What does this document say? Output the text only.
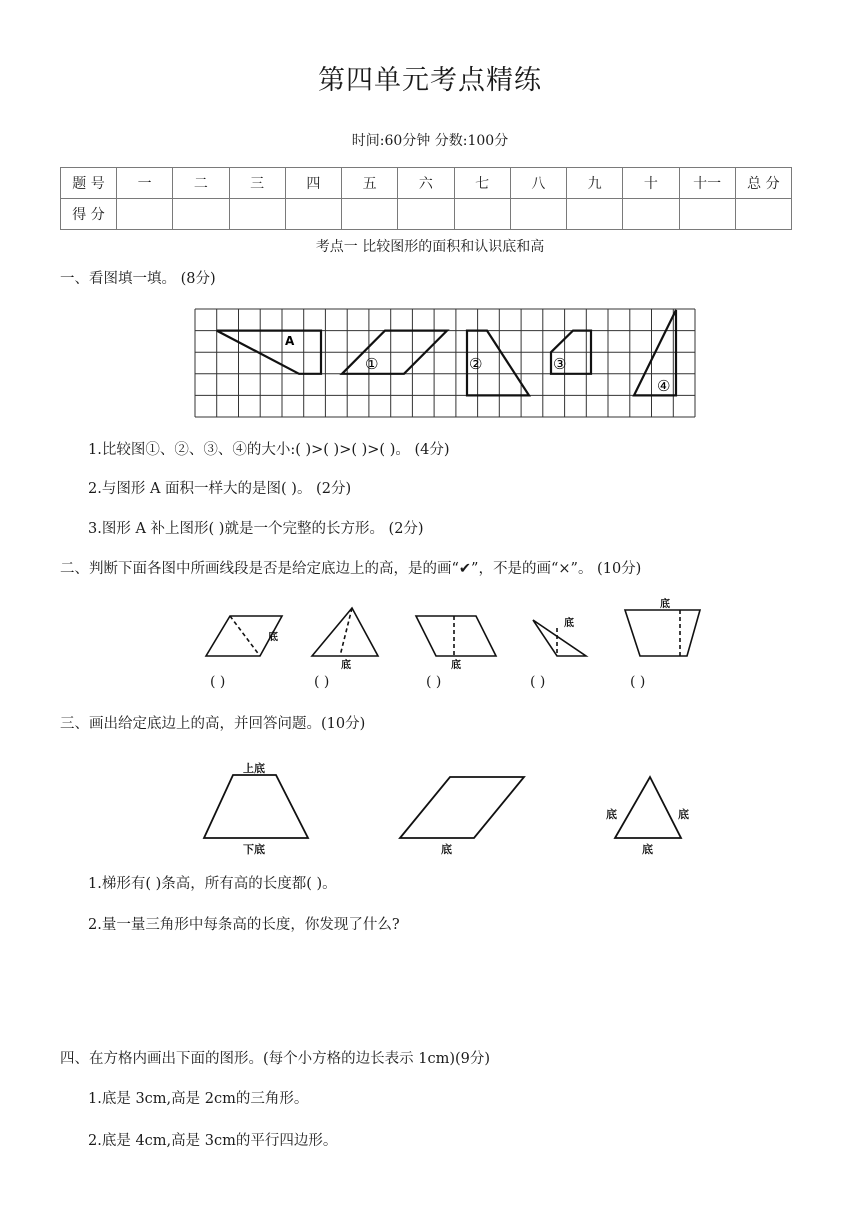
第四单元考点精练
时间:60分钟 分数:100分
题 号	一	二	三	四	五	六	七	八	九	十	十一	总 分
得 分												
考点一 比较图形的面积和认识底和高
一、看图填一填。 (8分)
A
①	②	③
④
1.比较图①、②、③、④的大小:( )>( )>( )>( )。 (4分)
2.与图形 A 面积一样大的是图( )。 (2分)
3.图形 A 补上图形( )就是一个完整的长方形。 (2分)
二、判断下面各图中所画线段是否是给定底边上的高，是的画“✔”，不是的画“×”。 (10分)
底
底	底
底
底
( )	( )	( )	( )	( )
三、画出给定底边上的高，并回答问题。(10分)
上底
下底	底
底	底
底
1.梯形有( )条高，所有高的长度都( )。
2.量一量三角形中每条高的长度，你发现了什么?
四、在方格内画出下面的图形。(每个小方格的边长表示 1cm)(9分)
1.底是 3cm,高是 2cm的三角形。
2.底是 4cm,高是 3cm的平行四边形。
